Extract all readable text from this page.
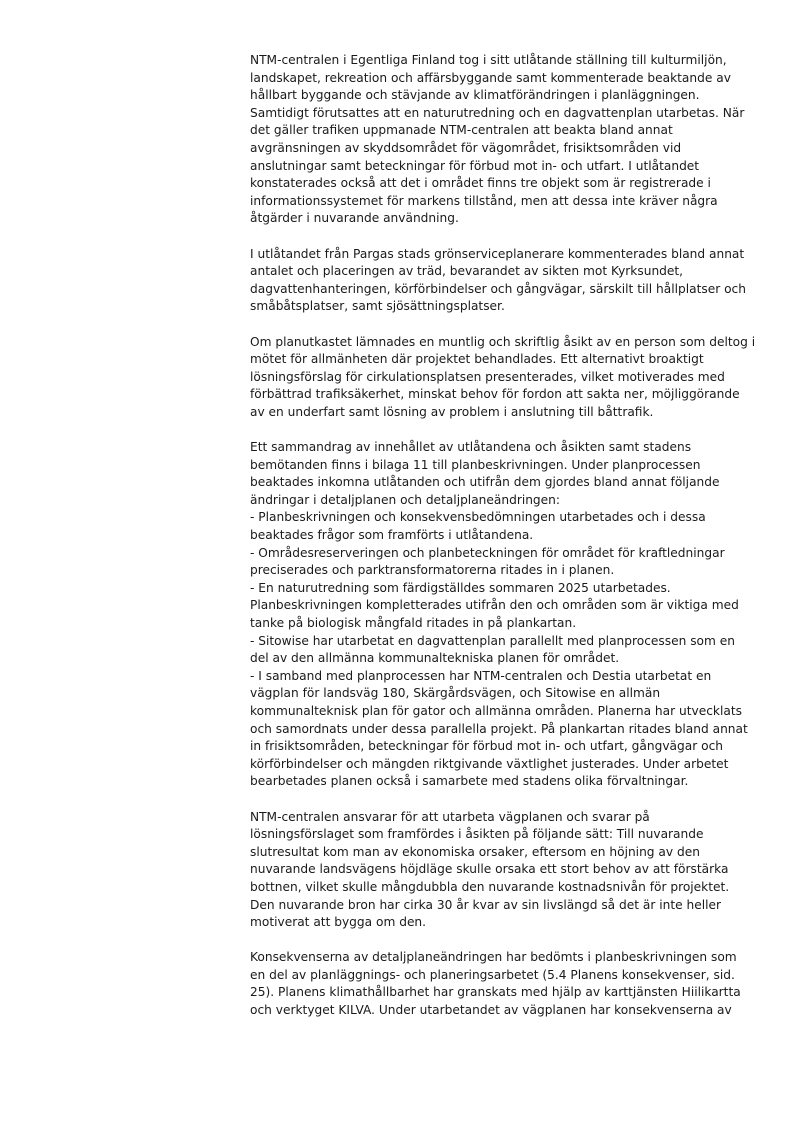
NTM-centralen i Egentliga Finland tog i sitt utlåtande ställning till kulturmiljön,
landskapet, rekreation och affärsbyggande samt kommenterade beaktande av
hållbart byggande och stävjande av klimatförändringen i planläggningen.
Samtidigt förutsattes att en naturutredning och en dagvattenplan utarbetas. När
det gäller trafiken uppmanade NTM-centralen att beakta bland annat
avgränsningen av skyddsområdet för vägområdet, frisiktsområden vid
anslutningar samt beteckningar för förbud mot in- och utfart. I utlåtandet
konstaterades också att det i området finns tre objekt som är registrerade i
informationssystemet för markens tillstånd, men att dessa inte kräver några
åtgärder i nuvarande användning.
I utlåtandet från Pargas stads grönserviceplanerare kommenterades bland annat
antalet och placeringen av träd, bevarandet av sikten mot Kyrksundet,
dagvattenhanteringen, körförbindelser och gångvägar, särskilt till hållplatser och
småbåtsplatser, samt sjösättningsplatser.
Om planutkastet lämnades en muntlig och skriftlig åsikt av en person som deltog i
mötet för allmänheten där projektet behandlades. Ett alternativt broaktigt
lösningsförslag för cirkulationsplatsen presenterades, vilket motiverades med
förbättrad trafiksäkerhet, minskat behov för fordon att sakta ner, möjliggörande
av en underfart samt lösning av problem i anslutning till båttrafik.
Ett sammandrag av innehållet av utlåtandena och åsikten samt stadens
bemötanden finns i bilaga 11 till planbeskrivningen. Under planprocessen
beaktades inkomna utlåtanden och utifrån dem gjordes bland annat följande
ändringar i detaljplanen och detaljplaneändringen:
- Planbeskrivningen och konsekvensbedömningen utarbetades och i dessa
beaktades frågor som framförts i utlåtandena.
- Områdesreserveringen och planbeteckningen för området för kraftledningar
preciserades och parktransformatorerna ritades in i planen.
- En naturutredning som färdigställdes sommaren 2025 utarbetades.
Planbeskrivningen kompletterades utifrån den och områden som är viktiga med
tanke på biologisk mångfald ritades in på plankartan.
- Sitowise har utarbetat en dagvattenplan parallellt med planprocessen som en
del av den allmänna kommunaltekniska planen för området.
- I samband med planprocessen har NTM-centralen och Destia utarbetat en
vägplan för landsväg 180, Skärgårdsvägen, och Sitowise en allmän
kommunalteknisk plan för gator och allmänna områden. Planerna har utvecklats
och samordnats under dessa parallella projekt. På plankartan ritades bland annat
in frisiktsområden, beteckningar för förbud mot in- och utfart, gångvägar och
körförbindelser och mängden riktgivande växtlighet justerades. Under arbetet
bearbetades planen också i samarbete med stadens olika förvaltningar.
NTM-centralen ansvarar för att utarbeta vägplanen och svarar på
lösningsförslaget som framfördes i åsikten på följande sätt: Till nuvarande
slutresultat kom man av ekonomiska orsaker, eftersom en höjning av den
nuvarande landsvägens höjdläge skulle orsaka ett stort behov av att förstärka
bottnen, vilket skulle mångdubbla den nuvarande kostnadsnivån för projektet.
Den nuvarande bron har cirka 30 år kvar av sin livslängd så det är inte heller
motiverat att bygga om den.
Konsekvenserna av detaljplaneändringen har bedömts i planbeskrivningen som
en del av planläggnings- och planeringsarbetet (5.4 Planens konsekvenser, sid.
25). Planens klimathållbarhet har granskats med hjälp av karttjänsten Hiilikartta
och verktyget KILVA. Under utarbetandet av vägplanen har konsekvenserna av
